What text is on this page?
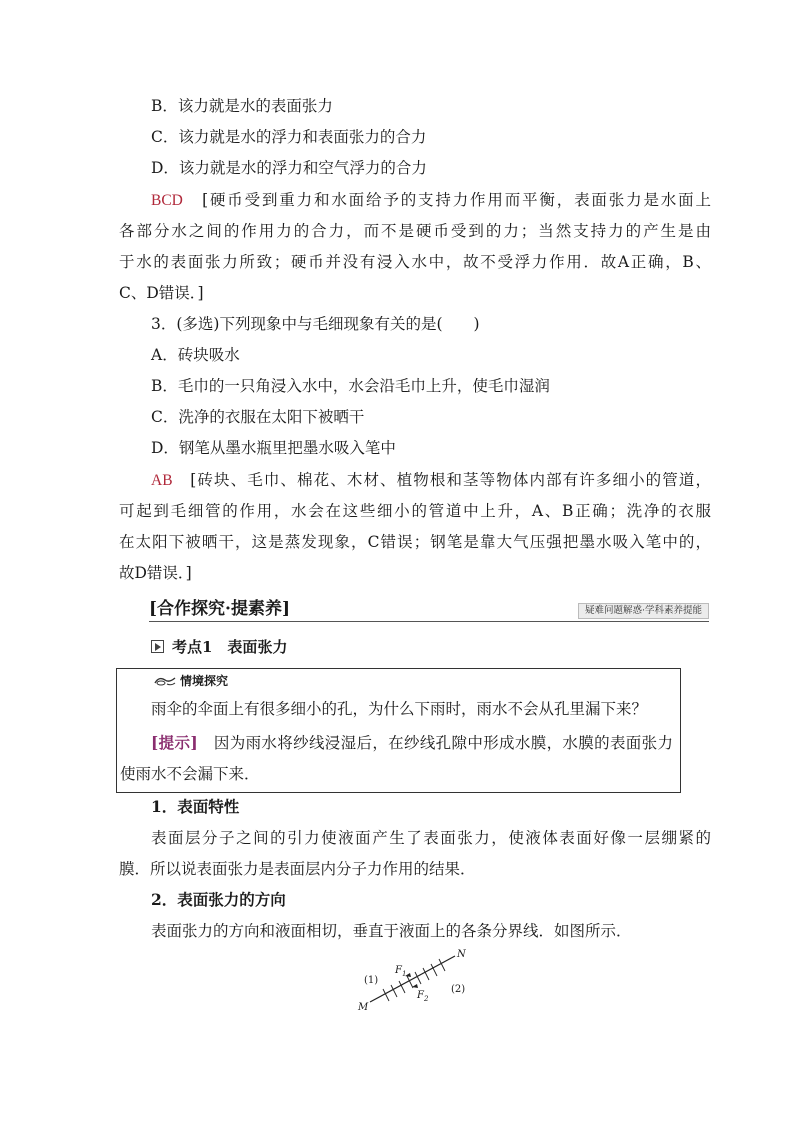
B．该力就是水的表面张力
C．该力就是水的浮力和表面张力的合力
D．该力就是水的浮力和空气浮力的合力
BCD　 [硬币受到重力和水面给予的支持力作用而平衡，表面张力是水面上
各部分水之间的作用力的合力，而不是硬币受到的力；当然支持力的产生是由
于水的表面张力所致；硬币并没有浸入水中，故不受浮力作用．故A正确，B、
C、D错误．]
3．(多选)下列现象中与毛细现象有关的是(　　)
A．砖块吸水
B．毛巾的一只角浸入水中，水会沿毛巾上升，使毛巾湿润
C．洗净的衣服在太阳下被晒干
D．钢笔从墨水瓶里把墨水吸入笔中
AB　 [砖块、毛巾、棉花、木材、植物根和茎等物体内部有许多细小的管道，
可起到毛细管的作用，水会在这些细小的管道中上升，A、B正确；洗净的衣服
在太阳下被晒干，这是蒸发现象，C错误；钢笔是靠大气压强把墨水吸入笔中的，
故D错误．]
[合作探究·提素养]	疑难问题解惑·学科素养提能
考点1　表面张力
情境探究
雨伞的伞面上有很多细小的孔，为什么下雨时，雨水不会从孔里漏下来？
[提示]　 因为雨水将纱线浸湿后，在纱线孔隙中形成水膜，水膜的表面张力
使雨水不会漏下来．
1．表面特性
表面层分子之间的引力使液面产生了表面张力，使液体表面好像一层绷紧的
膜．所以说表面张力是表面层内分子力作用的结果．
2．表面张力的方向
表面张力的方向和液面相切，垂直于液面上的各条分界线．如图所示．
(1)
(2)
M
N
$F_1$
$F_2$
